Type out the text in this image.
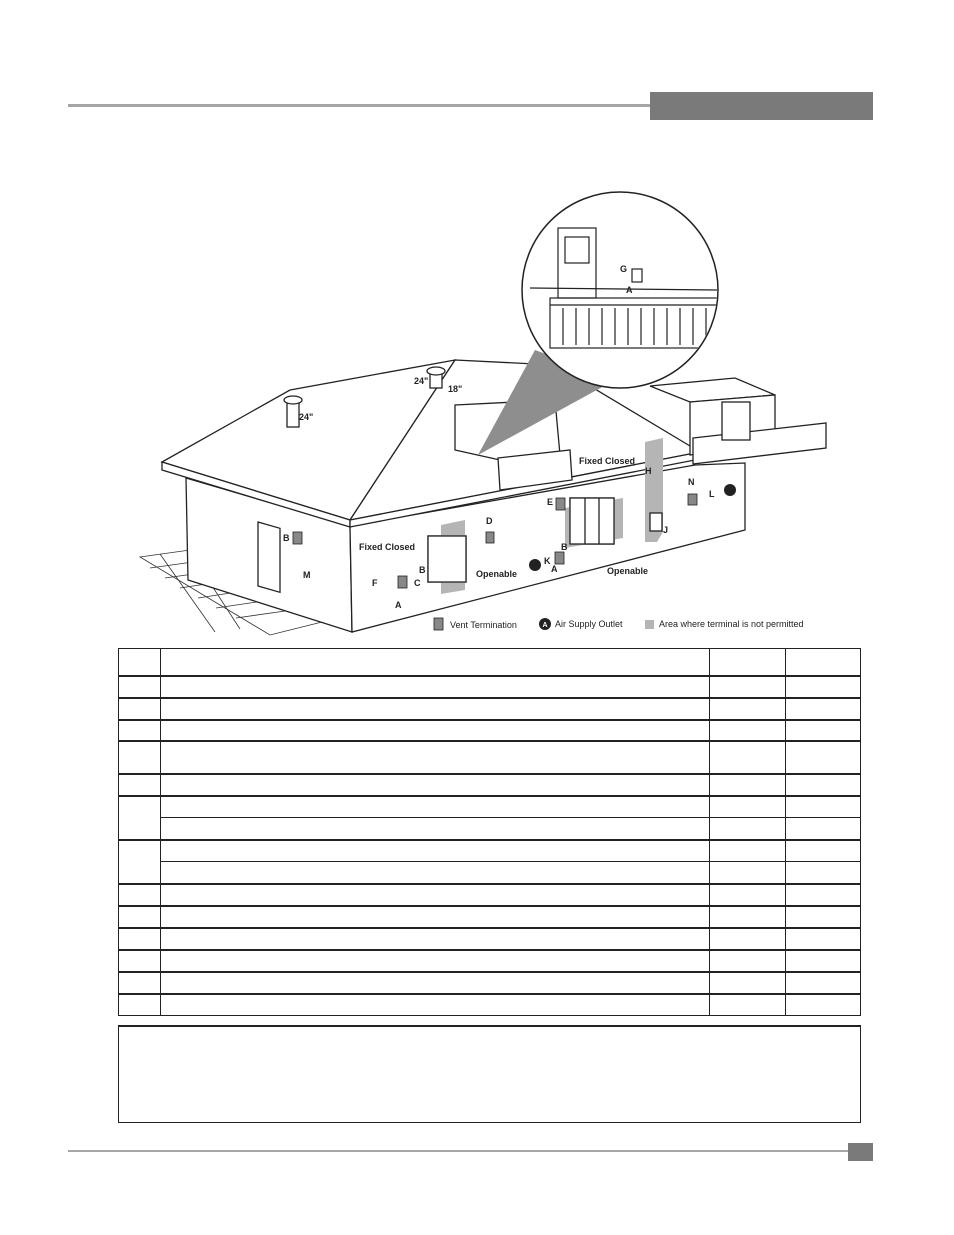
24"
24"
18"
Fixed Closed
Fixed Closed
Openable	Openable
A
A
A
B
B
B
C
D
E
F
G
H
J
K
L
M
N
Vent Termination	A Air Supply Outlet	Area where terminal is not permitted
